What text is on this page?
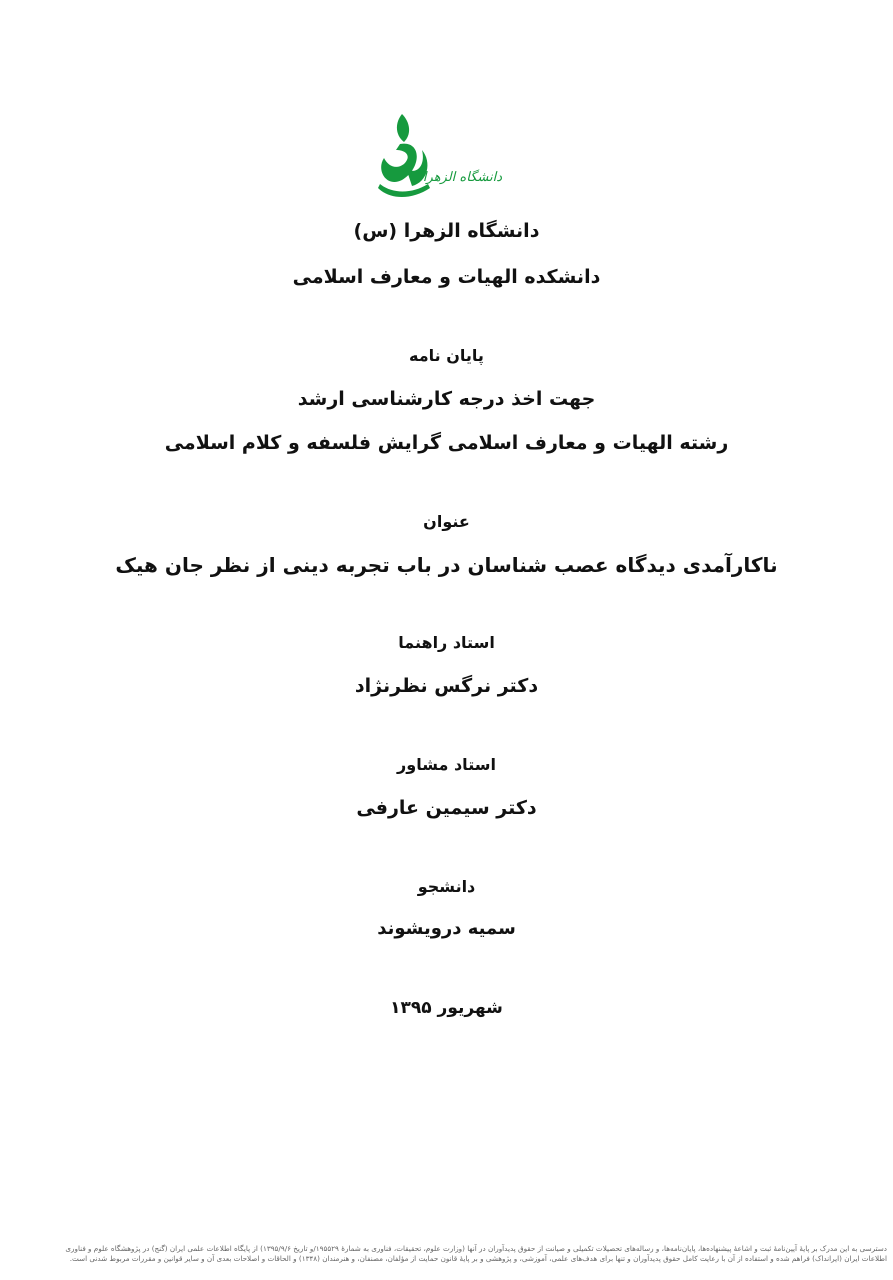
دانشگاه الزهرا
دانشگاه الزهرا (س)
دانشکده الهیات و معارف اسلامی
پایان نامه
جهت اخذ درجه کارشناسی ارشد
رشته الهیات و معارف اسلامی گرایش فلسفه و کلام اسلامی
عنوان
ناکارآمدی دیدگاه عصب شناسان در باب تجربه دینی از نظر جان هیک
استاد راهنما
دکتر نرگس نظرنژاد
استاد مشاور
دکتر سیمین عارفی
دانشجو
سمیه درویشوند
شهریور ۱۳۹۵
دسترسی به این مدرک بر پایهٔ آیین‌نامهٔ ثبت و اشاعهٔ پیشنهاده‌ها، پایان‌نامه‌ها، و رساله‌های تحصیلات تکمیلی و صیانت از حقوق پدیدآوران در آنها (وزارت علوم، تحقیقات، فناوری به شمارهٔ ۱۹۵۵۲۹/و تاریخ ۱۳۹۵/۹/۶) از پایگاه اطلاعات علمی ایران (گنج) در پژوهشگاه علوم و فناوری
اطلاعات ایران (ایرانداک) فراهم شده و استفاده از آن با رعایت کامل حقوق پدیدآوران و تنها برای هدف‌های علمی، آموزشی، و پژوهشی و بر پایهٔ قانون حمایت از مؤلفان، مصنفان، و هنرمندان (۱۳۴۸) و الحاقات و اصلاحات بعدی آن و سایر قوانین و مقررات مربوط شدنی است.
